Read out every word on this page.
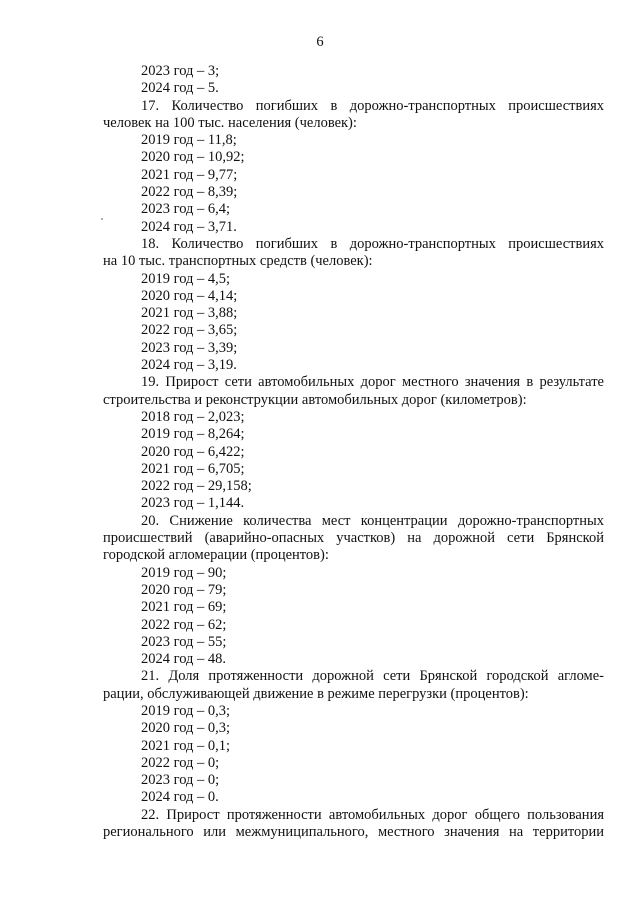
6
2023 год – 3;
2024 год – 5.
17. Количество погибших в дорожно-транспортных происшествиях
человек на 100 тыс. населения (человек):
2019 год – 11,8;
2020 год – 10,92;
2021 год – 9,77;
2022 год – 8,39;
2023 год – 6,4;
2024 год – 3,71.
18. Количество погибших в дорожно-транспортных происшествиях
на 10 тыс. транспортных средств (человек):
2019 год – 4,5;
2020 год – 4,14;
2021 год – 3,88;
2022 год – 3,65;
2023 год – 3,39;
2024 год – 3,19.
19. Прирост сети автомобильных дорог местного значения в результате
строительства и реконструкции автомобильных дорог (километров):
2018 год – 2,023;
2019 год – 8,264;
2020 год – 6,422;
2021 год – 6,705;
2022 год – 29,158;
2023 год – 1,144.
20. Снижение количества мест концентрации дорожно-транспортных
происшествий (аварийно-опасных участков) на дорожной сети Брянской
городской агломерации (процентов):
2019 год – 90;
2020 год – 79;
2021 год – 69;
2022 год – 62;
2023 год – 55;
2024 год – 48.
21. Доля протяженности дорожной сети Брянской городской агломе-
рации, обслуживающей движение в режиме перегрузки (процентов):
2019 год – 0,3;
2020 год – 0,3;
2021 год – 0,1;
2022 год – 0;
2023 год – 0;
2024 год – 0.
22. Прирост протяженности автомобильных дорог общего пользования
регионального или межмуниципального, местного значения на территории
